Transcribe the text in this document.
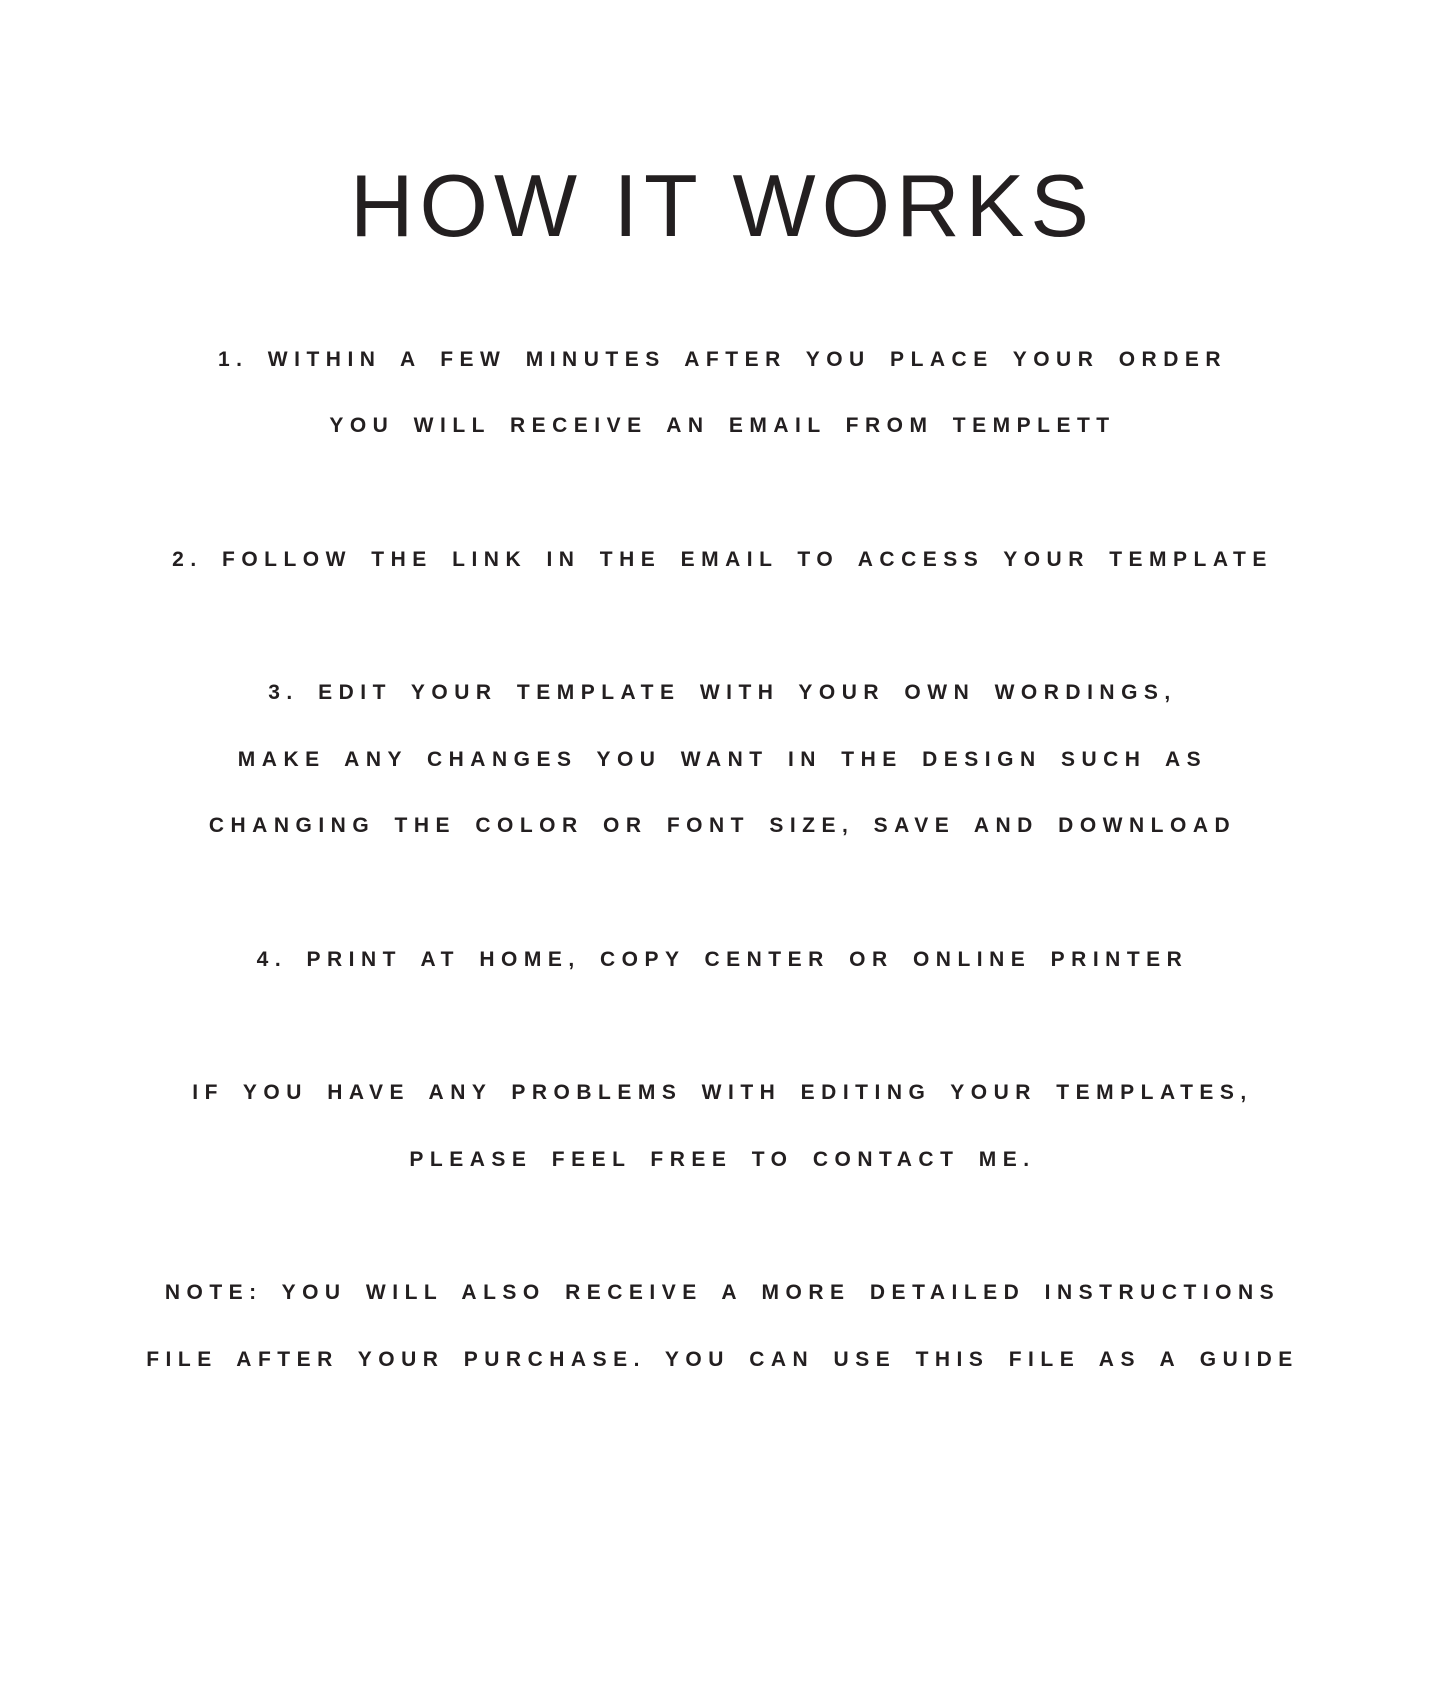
HOW IT WORKS

1. WITHIN A FEW MINUTES AFTER YOU PLACE YOUR ORDER

YOU WILL RECEIVE AN EMAIL FROM TEMPLETT

2. FOLLOW THE LINK IN THE EMAIL TO ACCESS YOUR TEMPLATE

3. EDIT YOUR TEMPLATE WITH YOUR OWN WORDINGS,

MAKE ANY CHANGES YOU WANT IN THE DESIGN SUCH AS

CHANGING THE COLOR OR FONT SIZE, SAVE AND DOWNLOAD

4. PRINT AT HOME, COPY CENTER OR ONLINE PRINTER

IF YOU HAVE ANY PROBLEMS WITH EDITING YOUR TEMPLATES,

PLEASE FEEL FREE TO CONTACT ME.

NOTE: YOU WILL ALSO RECEIVE A MORE DETAILED INSTRUCTIONS

FILE AFTER YOUR PURCHASE. YOU CAN USE THIS FILE AS A GUIDE
